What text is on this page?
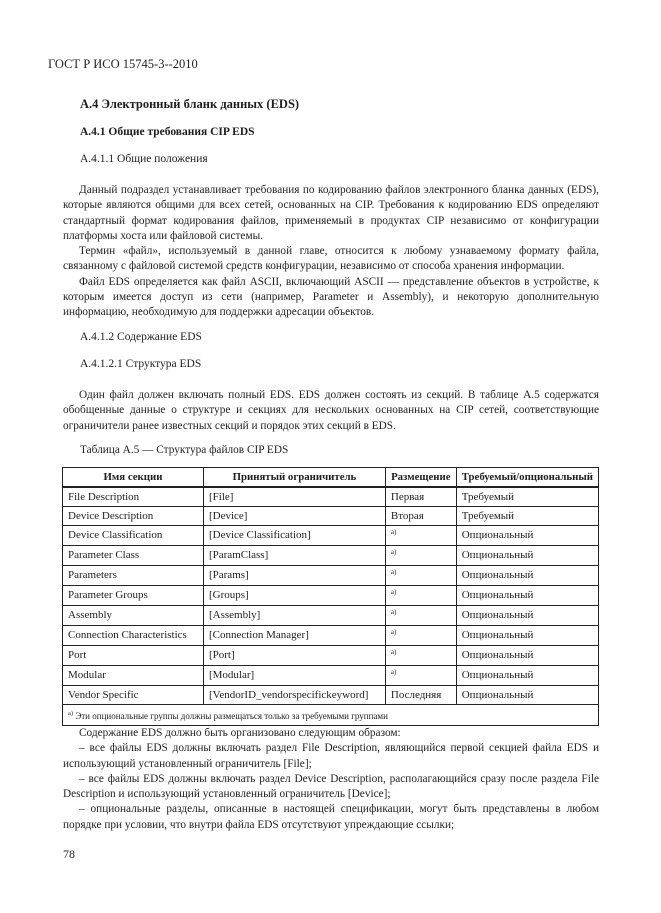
ГОСТ Р ИСО 15745-3--2010
А.4 Электронный бланк данных (EDS)
А.4.1 Общие требования CIP EDS
А.4.1.1 Общие положения

Данный подраздел устанавливает требования по кодированию файлов электронного бланка данных (EDS), которые являются общими для всех сетей, основанных на CIP. Требования к кодированию EDS определяют стандартный формат кодирования файлов, применяемый в продуктах CIP независимо от конфигурации платформы хоста или файловой системы.

Термин «файл», используемый в данной главе, относится к любому узнаваемому формату файла, связанному с файловой системой средств конфигурации, независимо от способа хранения информации.

Файл EDS определяется как файл ASCII, включающий ASCII — представление объектов в устройстве, к которым имеется доступ из сети (например, Parameter и Assembly), и некоторую дополнительную информацию, необходимую для поддержки адресации объектов.

А.4.1.2 Содержание EDS
А.4.1.2.1 Структура EDS

Один файл должен включать полный EDS. EDS должен состоять из секций. В таблице А.5 содержатся обобщенные данные о структуре и секциях для нескольких основанных на CIP сетей, соответствующие ограничители ранее известных секций и порядок этих секций в EDS.

Таблица А.5 — Структура файлов CIP EDS
Имя секции	Принятый ограничитель	Размещение	Требуемый/опциональный
File Description	[File]	Первая	Требуемый
Device Description	[Device]	Вторая	Требуемый
Device Classification	[Device Classification]	а)	Опциональный
Parameter Class	[ParamClass]	а)	Опциональный
Parameters	[Params]	а)	Опциональный
Parameter Groups	[Groups]	а)	Опциональный
Assembly	[Assembly]	а)	Опциональный
Connection Characteristics	[Connection Manager]	а)	Опциональный
Port	[Port]	а)	Опциональный
Modular	[Modular]	а)	Опциональный
Vendor Specific	[VendorID_vendorspecifickeyword]	Последняя	Опциональный
$^{а)}$ Эти опциональные группы должны размещаться только за требуемыми группами			

Содержание EDS должно быть организовано следующим образом:

– все файлы EDS должны включать раздел File Description, являющийся первой секцией файла EDS и использующий установленный ограничитель [File];

– все файлы EDS должны включать раздел Device Description, располагающийся сразу после раздела File Description и использующий установленный ограничитель [Device];

– опциональные разделы, описанные в настоящей спецификации, могут быть представлены в любом порядке при условии, что внутри файла EDS отсутствуют упреждающие ссылки;

78
